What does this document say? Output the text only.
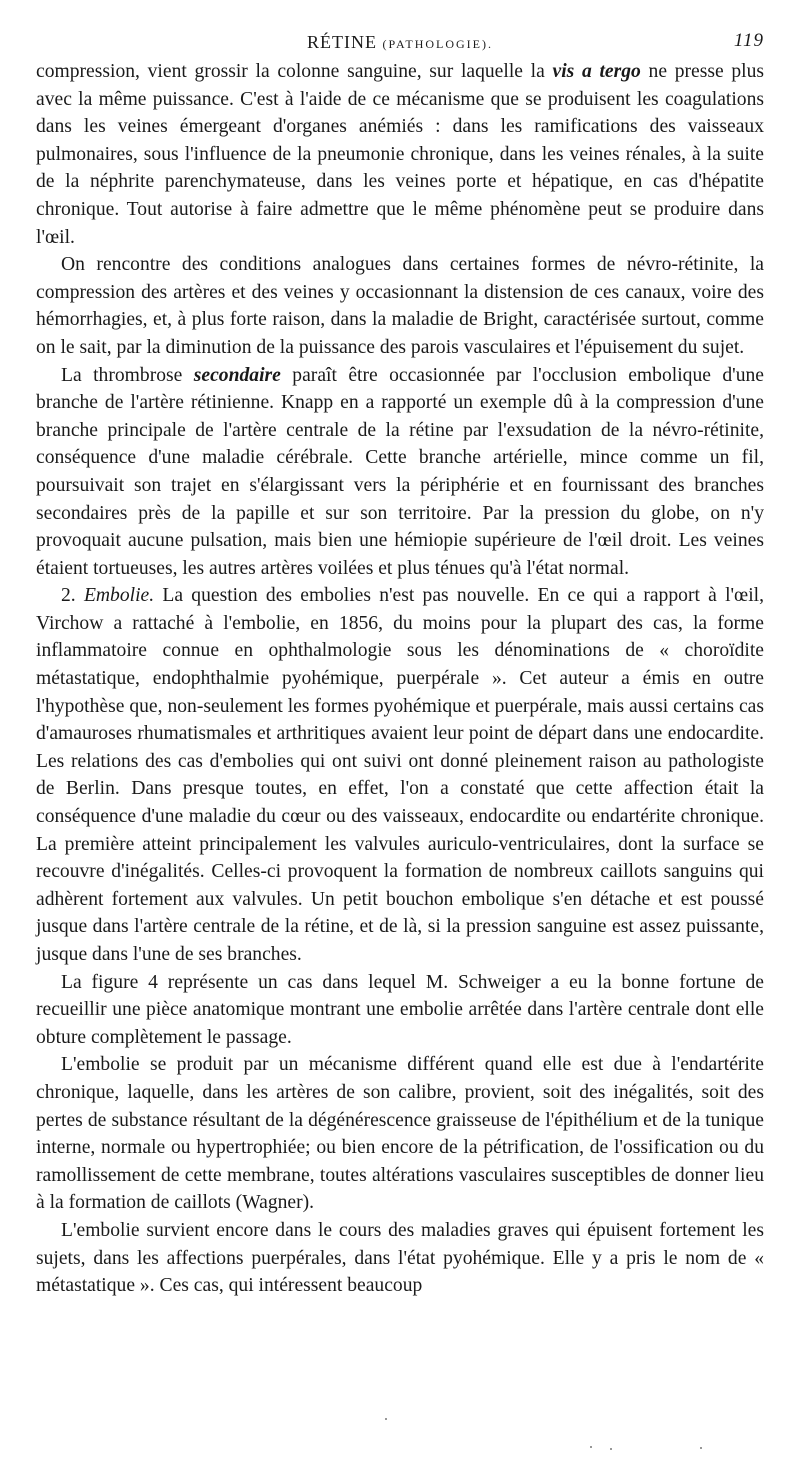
RÉTINE (PATHOLOGIE).	119

compression, vient grossir la colonne sanguine, sur laquelle la vis a tergo ne presse plus avec la même puissance. C'est à l'aide de ce mécanisme que se produisent les coagulations dans les veines émergeant d'organes anémiés : dans les ramifications des vaisseaux pulmonaires, sous l'influence de la pneumonie chronique, dans les veines rénales, à la suite de la néphrite parenchymateuse, dans les veines porte et hépatique, en cas d'hépatite chronique. Tout autorise à faire admettre que le même phénomène peut se produire dans l'œil.

On rencontre des conditions analogues dans certaines formes de névro-rétinite, la compression des artères et des veines y occasionnant la distension de ces canaux, voire des hémorrhagies, et, à plus forte raison, dans la maladie de Bright, caractérisée surtout, comme on le sait, par la diminution de la puissance des parois vasculaires et l'épuisement du sujet.

La thrombrose secondaire paraît être occasionnée par l'occlusion embolique d'une branche de l'artère rétinienne. Knapp en a rapporté un exemple dû à la compression d'une branche principale de l'artère centrale de la rétine par l'exsudation de la névro-rétinite, conséquence d'une maladie cérébrale. Cette branche artérielle, mince comme un fil, poursuivait son trajet en s'élargissant vers la périphérie et en fournissant des branches secondaires près de la papille et sur son territoire. Par la pression du globe, on n'y provoquait aucune pulsation, mais bien une hémiopie supérieure de l'œil droit. Les veines étaient tortueuses, les autres artères voilées et plus ténues qu'à l'état normal.

2. Embolie. La question des embolies n'est pas nouvelle. En ce qui a rapport à l'œil, Virchow a rattaché à l'embolie, en 1856, du moins pour la plupart des cas, la forme inflammatoire connue en ophthalmologie sous les dénominations de « choroïdite métastatique, endophthalmie pyohémique, puerpérale ». Cet auteur a émis en outre l'hypothèse que, non-seulement les formes pyohémique et puerpérale, mais aussi certains cas d'amauroses rhumatismales et arthritiques avaient leur point de départ dans une endocardite. Les relations des cas d'embolies qui ont suivi ont donné pleinement raison au pathologiste de Berlin. Dans presque toutes, en effet, l'on a constaté que cette affection était la conséquence d'une maladie du cœur ou des vaisseaux, endocardite ou endartérite chronique. La première atteint principalement les valvules auriculo-ventriculaires, dont la surface se recouvre d'inégalités. Celles-ci provoquent la formation de nombreux caillots sanguins qui adhèrent fortement aux valvules. Un petit bouchon embolique s'en détache et est poussé jusque dans l'artère centrale de la rétine, et de là, si la pression sanguine est assez puissante, jusque dans l'une de ses branches.

La figure 4 représente un cas dans lequel M. Schweiger a eu la bonne fortune de recueillir une pièce anatomique montrant une embolie arrêtée dans l'artère centrale dont elle obture complètement le passage.

L'embolie se produit par un mécanisme différent quand elle est due à l'endartérite chronique, laquelle, dans les artères de son calibre, provient, soit des inégalités, soit des pertes de substance résultant de la dégénérescence graisseuse de l'épithélium et de la tunique interne, normale ou hypertrophiée; ou bien encore de la pétrification, de l'ossification ou du ramollissement de cette membrane, toutes altérations vasculaires susceptibles de donner lieu à la formation de caillots (Wagner).

L'embolie survient encore dans le cours des maladies graves qui épuisent fortement les sujets, dans les affections puerpérales, dans l'état pyohémique. Elle y a pris le nom de « métastatique ». Ces cas, qui intéressent beaucoup
